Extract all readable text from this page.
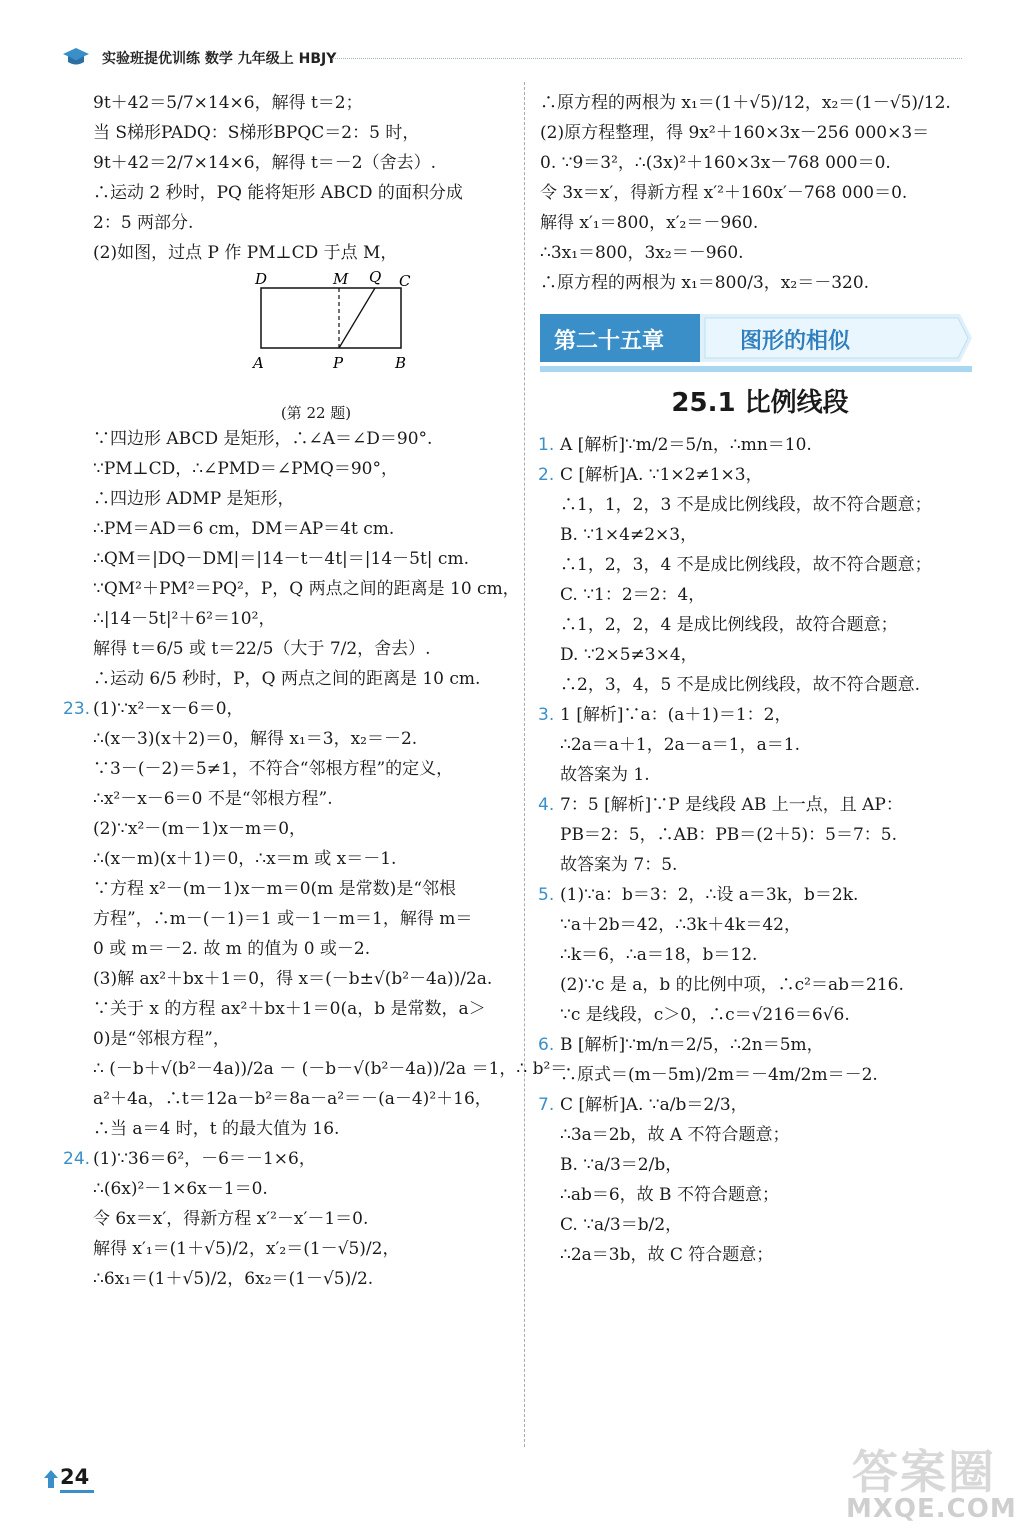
实验班提优训练 数学 九年级上 HBJY
9t＋42＝5/7×14×6，解得 t＝2；
当 S梯形PADQ：S梯形BPQC＝2：5 时，
9t＋42＝2/7×14×6，解得 t＝－2（舍去）.
∴运动 2 秒时，PQ 能将矩形 ABCD 的面积分成
2：5 两部分.
(2)如图，过点 P 作 PM⊥CD 于点 M，
D	M Q C
A	P	B
(第 22 题)
∵四边形 ABCD 是矩形，∴∠A＝∠D＝90°.
∵PM⊥CD，∴∠PMD＝∠PMQ＝90°，
∴四边形 ADMP 是矩形，
∴PM＝AD＝6 cm，DM＝AP＝4t cm.
∴QM＝|DQ－DM|＝|14－t－4t|＝|14－5t| cm.
∵QM²＋PM²＝PQ²，P，Q 两点之间的距离是 10 cm，
∴|14－5t|²＋6²＝10²，
解得 t＝6/5 或 t＝22/5（大于 7/2，舍去）.
∴运动 6/5 秒时，P，Q 两点之间的距离是 10 cm.
23. (1)∵x²－x－6＝0，
∴(x－3)(x＋2)＝0，解得 x₁＝3，x₂＝－2.
∵3－(－2)＝5≠1，不符合“邻根方程”的定义，
∴x²－x－6＝0 不是“邻根方程”.
(2)∵x²－(m－1)x－m＝0，
∴(x－m)(x＋1)＝0，∴x＝m 或 x＝－1.
∵方程 x²－(m－1)x－m＝0(m 是常数)是“邻根
方程”，∴m－(－1)＝1 或－1－m＝1，解得 m＝
0 或 m＝－2. 故 m 的值为 0 或－2.
(3)解 ax²＋bx＋1＝0，得 x＝(－b±√(b²－4a))/2a.
∵关于 x 的方程 ax²＋bx＋1＝0(a，b 是常数，a＞
0)是“邻根方程”，
∴ (－b＋√(b²－4a))/2a － (－b－√(b²－4a))/2a ＝1，∴ b²＝
a²＋4a，∴t＝12a－b²＝8a－a²＝－(a－4)²＋16，
∴当 a＝4 时，t 的最大值为 16.
24. (1)∵36＝6²，－6＝－1×6，
∴(6x)²－1×6x－1＝0.
令 6x＝x′，得新方程 x′²－x′－1＝0.
解得 x′₁＝(1＋√5)/2，x′₂＝(1－√5)/2，
∴6x₁＝(1＋√5)/2，6x₂＝(1－√5)/2.
∴原方程的两根为 x₁＝(1＋√5)/12，x₂＝(1－√5)/12.
(2)原方程整理，得 9x²＋160×3x－256 000×3＝
0. ∵9＝3²，∴(3x)²＋160×3x－768 000＝0.
令 3x＝x′，得新方程 x′²＋160x′－768 000＝0.
解得 x′₁＝800，x′₂＝－960.
∴3x₁＝800，3x₂＝－960.
∴原方程的两根为 x₁＝800/3，x₂＝－320.
第二十五章	图形的相似
25.1 比例线段
1. A [解析]∵m/2＝5/n，∴mn＝10.
2. C [解析]A. ∵1×2≠1×3，
∴1，1，2，3 不是成比例线段，故不符合题意；
B. ∵1×4≠2×3，
∴1，2，3，4 不是成比例线段，故不符合题意；
C. ∵1：2＝2：4，
∴1，2，2，4 是成比例线段，故符合题意；
D. ∵2×5≠3×4，
∴2，3，4，5 不是成比例线段，故不符合题意.
3. 1 [解析]∵a：(a＋1)＝1：2，
∴2a＝a＋1，2a－a＝1，a＝1.
故答案为 1.
4. 7：5 [解析]∵P 是线段 AB 上一点，且 AP：
PB＝2：5，∴AB：PB＝(2＋5)：5＝7：5.
故答案为 7：5.
5. (1)∵a：b＝3：2，∴设 a＝3k，b＝2k.
∵a＋2b＝42，∴3k＋4k＝42，
∴k＝6，∴a＝18，b＝12.
(2)∵c 是 a，b 的比例中项，∴c²＝ab＝216.
∵c 是线段，c＞0，∴c＝√216＝6√6.
6. B [解析]∵m/n＝2/5，∴2n＝5m，
∴原式＝(m－5m)/2m＝－4m/2m＝－2.
7. C [解析]A. ∵a/b＝2/3，
∴3a＝2b，故 A 不符合题意；
B. ∵a/3＝2/b，
∴ab＝6，故 B 不符合题意；
C. ∵a/3＝b/2，
∴2a＝3b，故 C 符合题意；
24	答案圈
MXQE.COM
